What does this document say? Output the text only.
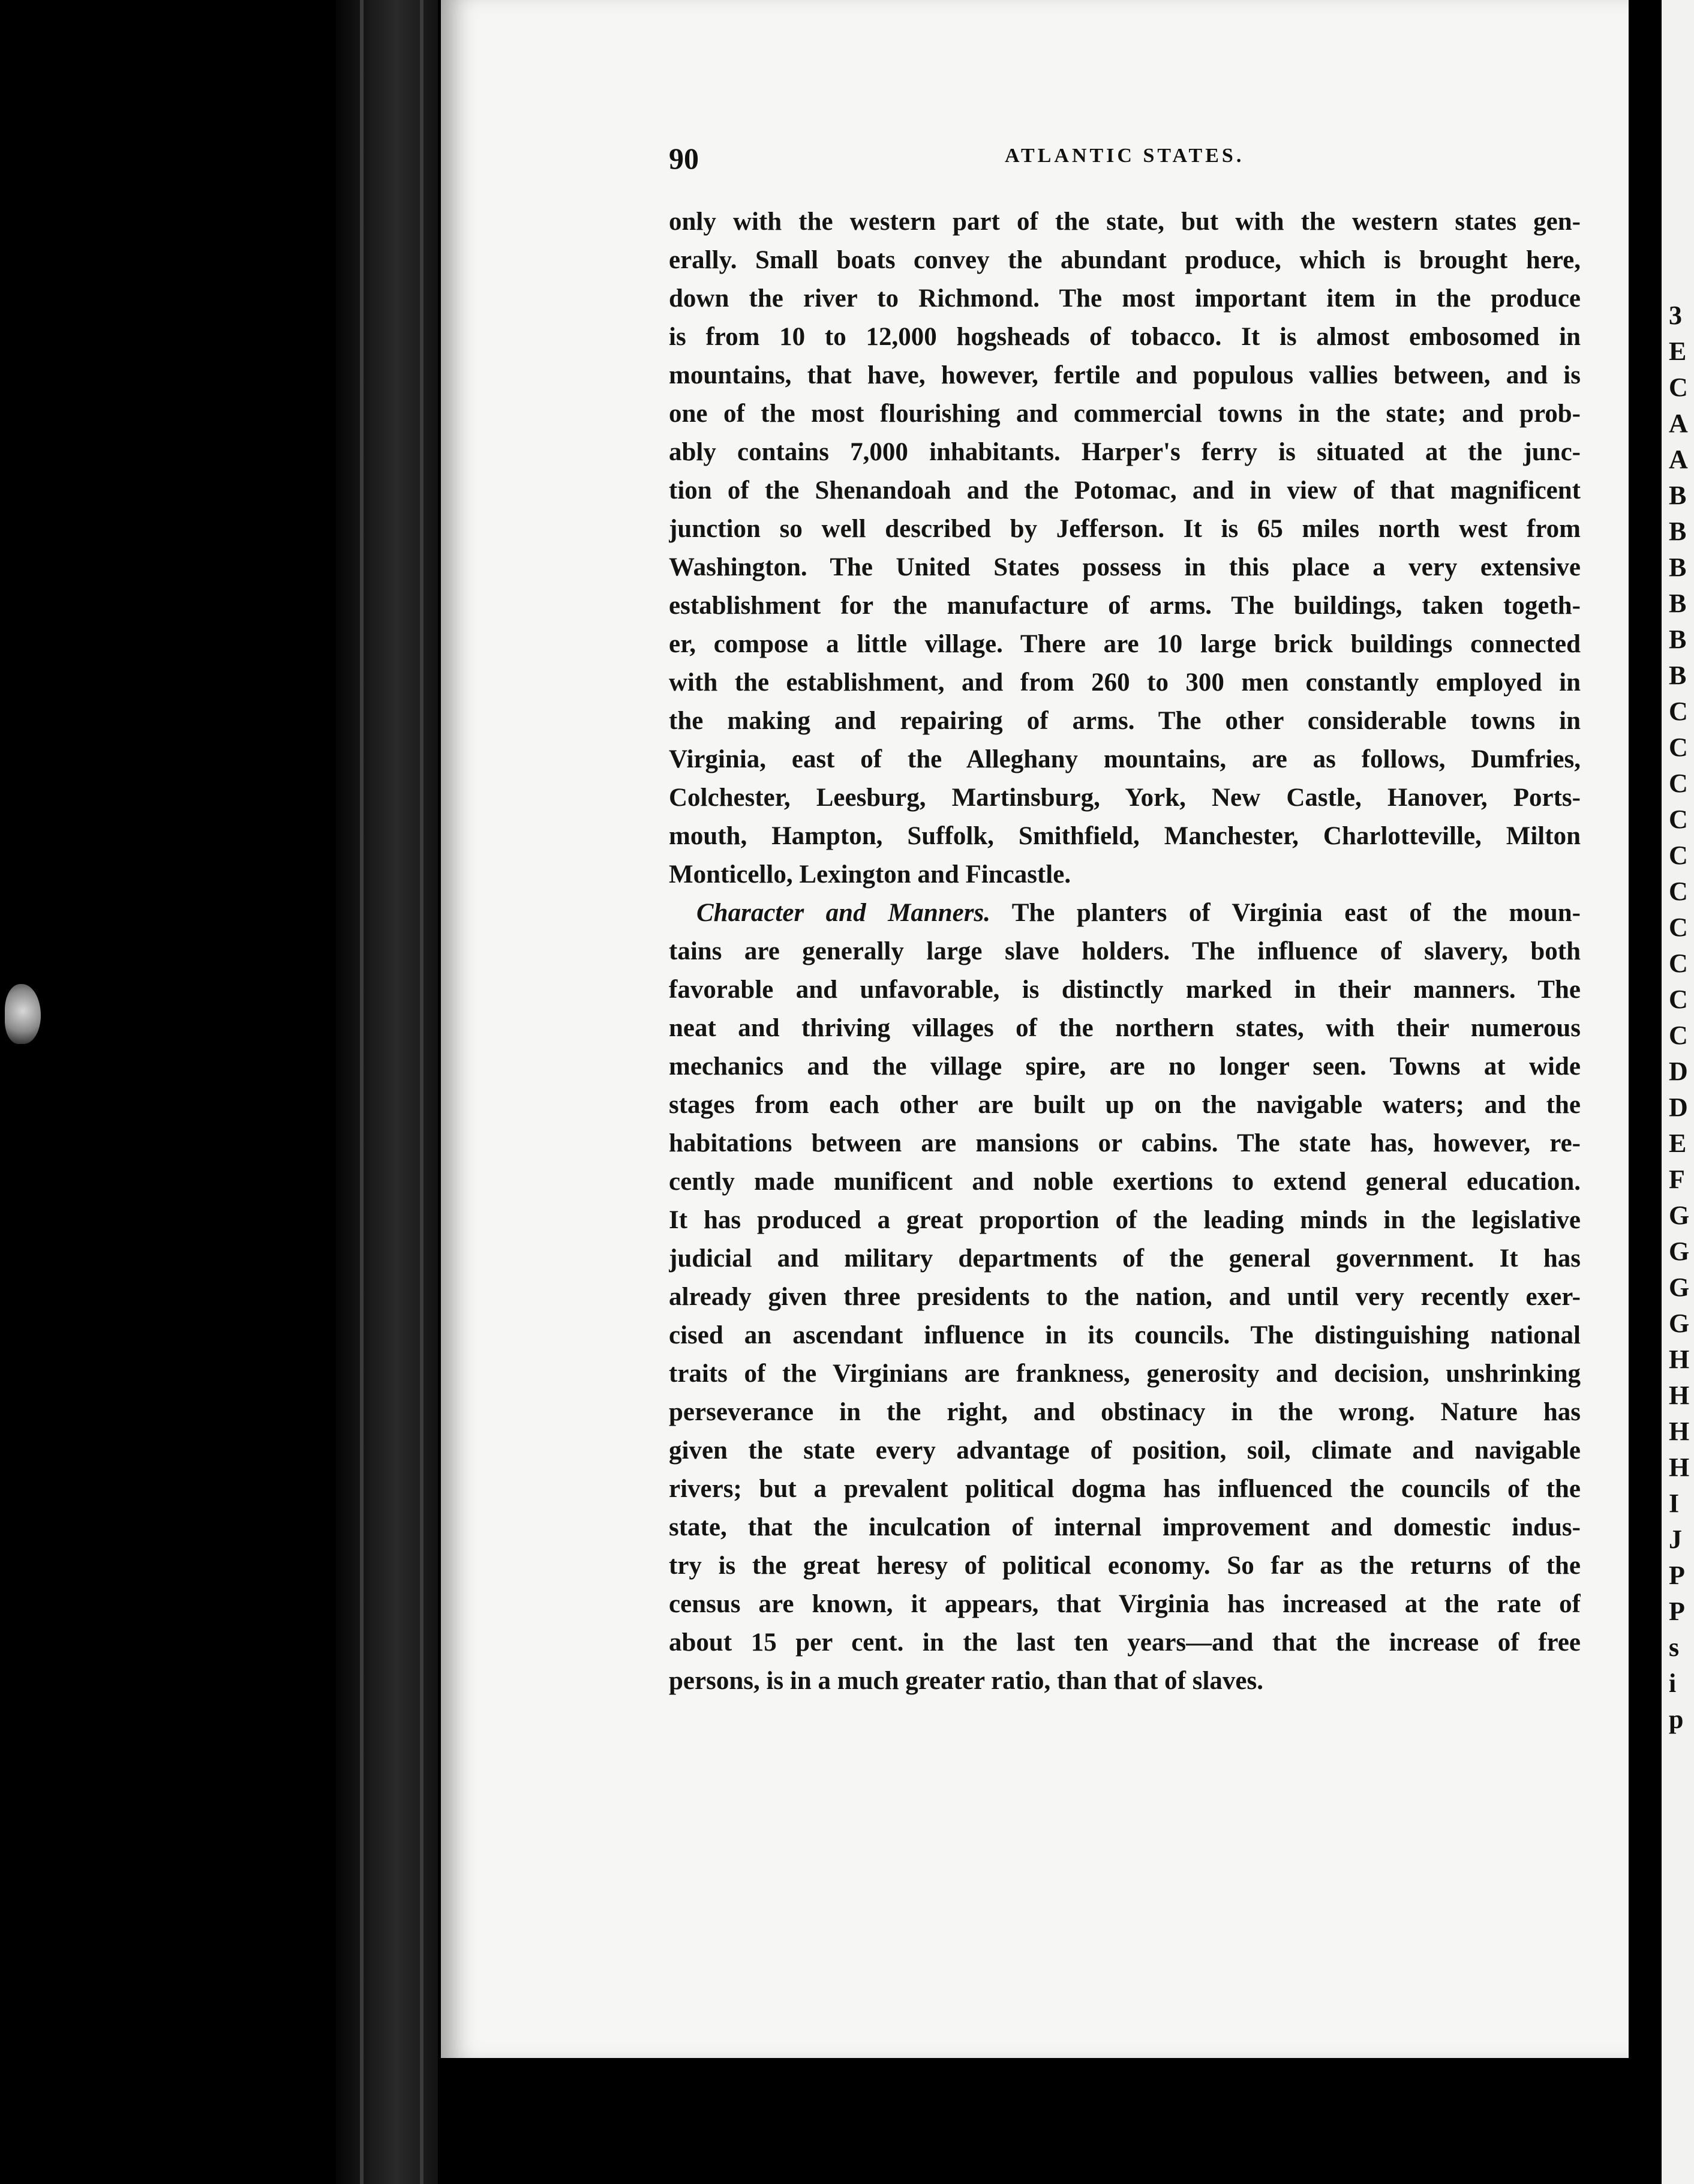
3
E
C
A
A
B
B
B
B
B
B
C
C
C
C
C
C
C
C
C
C
D
D
E
F
G
G
G
G
H
H
H
H
I
J
P
P
s
i
p
90	ATLANTIC STATES.
only with the western part of the state, but with the western states gen-
erally. Small boats convey the abundant produce, which is brought here,
down the river to Richmond. The most important item in the produce
is from 10 to 12,000 hogsheads of tobacco. It is almost embosomed in
mountains, that have, however, fertile and populous vallies between, and is
one of the most flourishing and commercial towns in the state; and prob-
ably contains 7,000 inhabitants. Harper's ferry is situated at the junc-
tion of the Shenandoah and the Potomac, and in view of that magnificent
junction so well described by Jefferson. It is 65 miles north west from
Washington. The United States possess in this place a very extensive
establishment for the manufacture of arms. The buildings, taken togeth-
er, compose a little village. There are 10 large brick buildings connected
with the establishment, and from 260 to 300 men constantly employed in
the making and repairing of arms. The other considerable towns in
Virginia, east of the Alleghany mountains, are as follows, Dumfries,
Colchester, Leesburg, Martinsburg, York, New Castle, Hanover, Ports-
mouth, Hampton, Suffolk, Smithfield, Manchester, Charlotteville, Milton
Monticello, Lexington and Fincastle.
Character and Manners. The planters of Virginia east of the moun-
tains are generally large slave holders. The influence of slavery, both
favorable and unfavorable, is distinctly marked in their manners. The
neat and thriving villages of the northern states, with their numerous
mechanics and the village spire, are no longer seen. Towns at wide
stages from each other are built up on the navigable waters; and the
habitations between are mansions or cabins. The state has, however, re-
cently made munificent and noble exertions to extend general education.
It has produced a great proportion of the leading minds in the legislative
judicial and military departments of the general government. It has
already given three presidents to the nation, and until very recently exer-
cised an ascendant influence in its councils. The distinguishing national
traits of the Virginians are frankness, generosity and decision, unshrinking
perseverance in the right, and obstinacy in the wrong. Nature has
given the state every advantage of position, soil, climate and navigable
rivers; but a prevalent political dogma has influenced the councils of the
state, that the inculcation of internal improvement and domestic indus-
try is the great heresy of political economy. So far as the returns of the
census are known, it appears, that Virginia has increased at the rate of
about 15 per cent. in the last ten years—and that the increase of free
persons, is in a much greater ratio, than that of slaves.
